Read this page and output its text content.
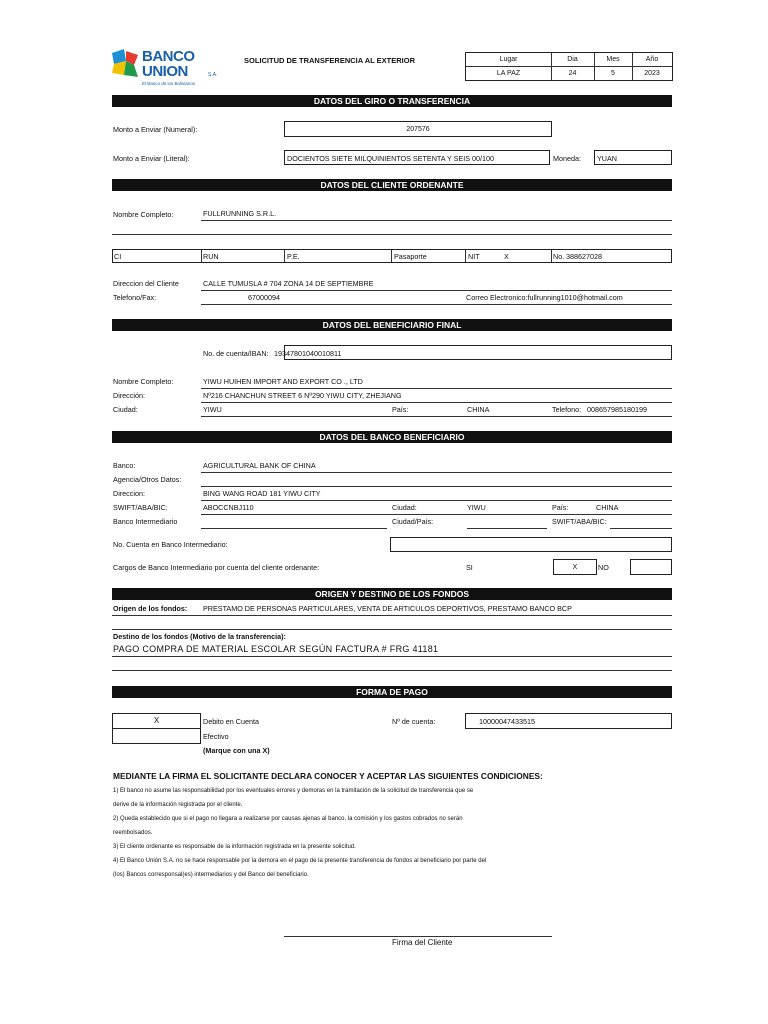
BANCO
UNION	S.A.
El Banco de los Bolivianos
SOLICITUD DE TRANSFERENCIA AL EXTERIOR	Lugar	Dia	Mes	Año
LA PAZ	24	5	2023
DATOS DEL GIRO O TRANSFERENCIA
Monto a Enviar (Numeral):	207576
Monto a Enviar (Literal):	DOCIENTOS SIETE MILQUINIENTOS SETENTA Y SEIS 00/100	Moneda: YUAN
DATOS DEL CLIENTE ORDENANTE
Nombre Completo:	FULLRUNNING S.R.L.
CI	RUN	P.E.	Pasaporte	NIT	X	No. 388627028
Direccion del Cliente	CALLE TUMUSLA # 704 ZONA 14 DE SEPTIEMBRE
Telefono/Fax:	67000094	Correo Electronico:fullrunning1010@hotmail.com
DATOS DEL BENEFICIARIO FINAL
No. de cuenta/IBAN: 19347801040010811
Nombre Completo:	YIWU HUIHEN IMPORT AND EXPORT CO ., LTD
Dirección:	Nº216 CHANCHUN STREET 6 Nº290 YIWU CITY, ZHEJIANG
Ciudad:	YIWU	País:	CHINA	Telefono: 008657985180199
DATOS DEL BANCO BENEFICIARIO
Banco:	AGRICULTURAL BANK OF CHINA
Agencia/Otros Datos:
Direccion:	BING WANG ROAD 181 YIWU CITY
SWIFT/ABA/BIC:	ABOCCNBJ110	Ciudad:	YIWU	País:	CHINA
Banco Intermediario	Ciudad/País:	SWIFT/ABA/BIC:
No. Cuenta en Banco Intermediario:
Cargos de Banco Intermediario por cuenta del cliente ordenante:	SI	X	NO
ORIGEN Y DESTINO DE LOS FONDOS
Origen de los fondos: PRESTAMO DE PERSONAS PARTICULARES, VENTA DE ARTICULOS DEPORTIVOS, PRESTAMO BANCO BCP
Destino de los fondos (Motivo de la transferencia):
PAGO COMPRA DE MATERIAL ESCOLAR SEGÚN FACTURA # FRG 41181
FORMA DE PAGO
X	Debito en Cuenta
Efectivo
(Marque con una X)
Nº de cuenta:	10000047433515
MEDIANTE LA FIRMA EL SOLICITANTE DECLARA CONOCER Y ACEPTAR LAS SIGUIENTES CONDICIONES:
1) El banco no asume las responsabilidad por los eventuales errores y demoras en la tramitación de la solicitud de transferencia que se
derive de la información registrada por el cliente.
2) Queda establecido que si el pago no llegara a realizarse por causas ajenas al banco, la comisión y los gastos cobrados no serán
reembolsados.
3) El cliente ordenante es responsable de la información registrada en la presente solicitud.
4) El Banco Unión S.A. no se hace responsable por la demora en el pago de la presente transferencia de fondos al beneficiario por parte del
(los) Bancos corresponsal(es) intermediarios y del Banco del beneficiario.
Firma del Cliente
